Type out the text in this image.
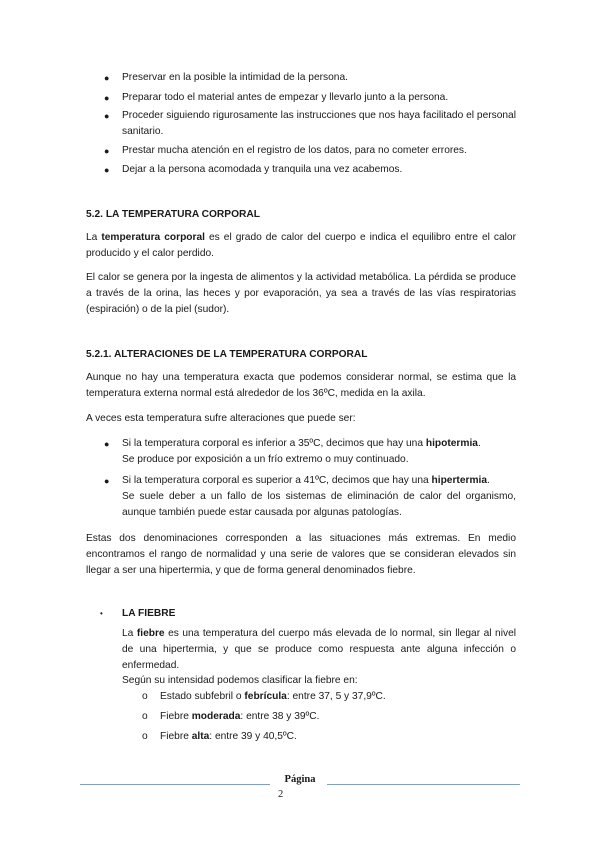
●	Preservar en la posible la intimidad de la persona.
●	Preparar todo el material antes de empezar y llevarlo junto a la persona.
●	Proceder siguiendo rigurosamente las instrucciones que nos haya facilitado el personal sanitario.
●	Prestar mucha atención en el registro de los datos, para no cometer errores.
●	Dejar a la persona acomodada y tranquila una vez acabemos.
5.2. LA TEMPERATURA CORPORAL
La temperatura corporal es el grado de calor del cuerpo e indica el equilibro entre el calor producido y el calor perdido.
El calor se genera por la ingesta de alimentos y la actividad metabólica. La pérdida se produce a través de la orina, las heces y por evaporación, ya sea a través de las vías respiratorias (espiración) o de la piel (sudor).
5.2.1. ALTERACIONES DE LA TEMPERATURA CORPORAL
Aunque no hay una temperatura exacta que podemos considerar normal, se estima que la temperatura externa normal está alrededor de los 36ºC, medida en la axila.
A veces esta temperatura sufre alteraciones que puede ser:
●	Si la temperatura corporal es inferior a 35ºC, decimos que hay una hipotermia.
Se produce por exposición a un frío extremo o muy continuado.
●	Si la temperatura corporal es superior a 41ºC, decimos que hay una hipertermia.
Se suele deber a un fallo de los sistemas de eliminación de calor del organismo, aunque también puede estar causada por algunas patologías.
Estas dos denominaciones corresponden a las situaciones más extremas. En medio encontramos el rango de normalidad y una serie de valores que se consideran elevados sin llegar a ser una hipertermia, y que de forma general denominados fiebre.
•	LA FIEBRE
La fiebre es una temperatura del cuerpo más elevada de lo normal, sin llegar al nivel de una hipertermia, y que se produce como respuesta ante alguna infección o enfermedad.
Según su intensidad podemos clasificar la fiebre en:
o	Estado subfebril o febrícula: entre 37, 5 y 37,9ºC.
o	Fiebre moderada: entre 38 y 39ºC.
o	Fiebre alta: entre 39 y 40,5ºC.
Página
2
